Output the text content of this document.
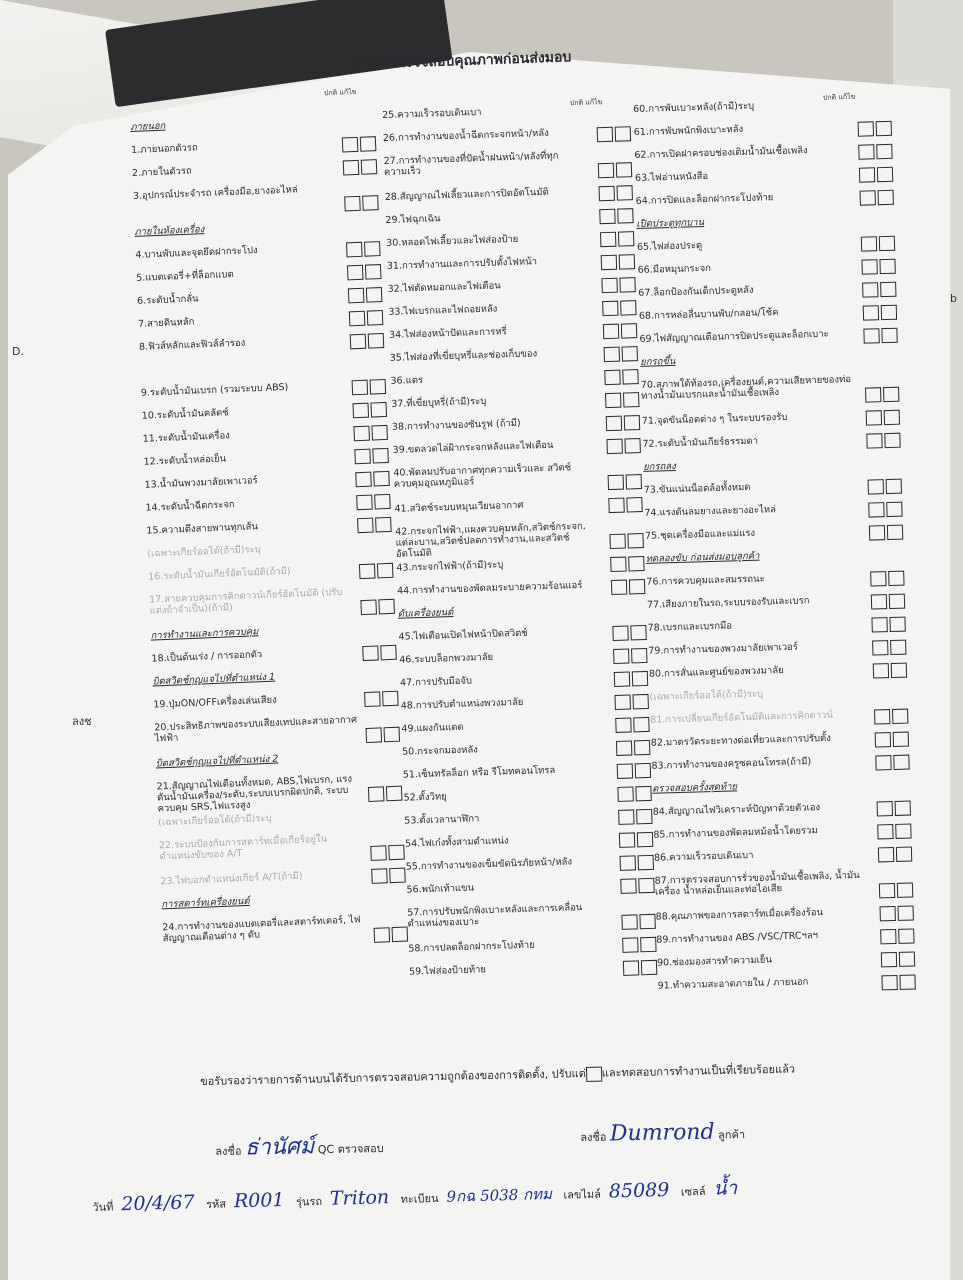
รายการตรวจสอบคุณภาพก่อนส่งมอบ
ปกติ แก้ไข
ภายนอก
1.ภายนอกตัวรถ
2.ภายในตัวรถ
3.อุปกรณ์ประจำรถ เครื่องมือ,ยางอะไหล่
ภายในห้องเครื่อง
4.บานพับและจุดยึดฝากระโปง
5.แบตเตอรี่+ที่ล็อกแบต
6.ระดับน้ำกลั่น
7.สายดินหลัก
8.ฟิวส์หลักและฟิวส์ลำรอง
9.ระดับน้ำมันเบรก (รวมระบบ ABS)
10.ระดับน้ำมันคลัตช์
11.ระดับน้ำมันเครื่อง
12.ระดับน้ำหล่อเย็น
13.น้ำมันพวงมาลัยเพาเวอร์
14.ระดับน้ำฉีดกระจก
15.ความตึงสายพานทุกเส้น
(เฉพาะเกียร์ออโต้(ถ้ามี)ระบุ
16.ระดับน้ำมันเกียร์อัตโนมัติ(ถ้ามี)
17.สายควบคุมการคิกดาวน์เกียร์อัตโนมัติ (ปรับแต่งถ้าจำเป็น)(ถ้ามี)
การทำงานและการควบคุม
18.เป็นต้นเร่ง / การออกตัว
บิดสวิตช์กุญแจไปที่ตำแหน่ง 1
19.ปุ่มON/OFFเครื่องเล่นเสียง
20.ประสิทธิภาพของระบบเสียงเทปและสายอากาศไฟฟ้า
บิดสวิตช์กุญแจไปที่ตำแหน่ง 2
21.สัญญาณไฟเตือนทั้งหมด, ABS,ไฟเบรก, แรงดันน้ำมันเครื่อง/ระดับ,ระบบเบรกผิดปกติ, ระบบควบคุม SRS,ไฟแรงสูง
(เฉพาะเกียร์ออโต้(ถ้ามี)ระบุ
22.ระบบป้องกันการสตาร์ทเมื่อเกียร์อยู่ใน ตำแหน่งขับของ A/T
23.ไฟบอกตำแหน่งเกียร์ A/T(ถ้ามี)
การสตาร์ทเครื่องยนต์
24.การทำงานของแบตเตอรี่และสตาร์ทเตอร์, ไฟสัญญาณเตือนต่าง ๆ ดับ
ปกติ แก้ไข
25.ความเร็วรอบเดินเบา
26.การทำงานของน้ำฉีดกระจกหน้า/หลัง
27.การทำงานของที่ปัดน้ำฝนหน้า/หลังที่ทุกความเร็ว
28.สัญญาณไฟเลี้ยวและการปิดอัตโนมัติ
29.ไฟฉุกเฉิน
30.หลอดไฟเลี้ยวและไฟส่องป้าย
31.การทำงานและการปรับตั้งไฟหน้า
32.ไฟตัดหมอกและไฟเตือน
33.ไฟเบรกและไฟถอยหลัง
34.ไฟส่องหน้าปัดและการหรี่
35.ไฟส่องที่เขี่ยบุหรี่และช่องเก็บของ
36.แตร
37.ที่เขี่ยบุหรี่(ถ้ามี)ระบุ
38.การทำงานของซันรูฟ (ถ้ามี)
39.ขดลวดไล่ฝ้ากระจกหลังและไฟเตือน
40.พัดลมปรับอากาศทุกความเร็วและ สวิตช์ควบคุมอุณหภูมิแอร์
41.สวิตช์ระบบหมุนเวียนอากาศ
42.กระจกไฟฟ้า,แผงควบคุมหลัก,สวิตช์กระจก, แต่ละบาน,สวิตช์ปลดการทำงาน,และสวิตช์อัตโนมัติ
43.กระจกไฟฟ้า(ถ้ามี)ระบุ
44.การทำงานของพัดลมระบายความร้อนแอร์
ดับเครื่องยนต์
45.ไฟเตือนเปิดไฟหน้าปิดสวิตช์
46.ระบบล็อกพวงมาลัย
47.การปรับมือจับ
48.การปรับตำแหน่งพวงมาลัย
49.แผงกันแดด
50.กระจกมองหลัง
51.เซ็นทรัลล็อก หรือ รีโมทคอนโทรล
52.ตั้งวิทยุ
53.ตั้งเวลานาฬิกา
54.ไฟเก๋งทั้งสามตำแหน่ง
55.การทำงานของเข็มขัดนิรภัยหน้า/หลัง
56.พนักเท้าแขน
57.การปรับพนักพิงเบาะหลังและการเคลื่อนตำแหน่งของเบาะ
58.การปลดล็อกฝากระโปงท้าย
59.ไฟส่องป้ายท้าย
ปกติ แก้ไข
60.การพับเบาะหลัง(ถ้ามี)ระบุ
61.การพับพนักพิงเบาะหลัง
62.การเปิดฝาครอบช่องเติมน้ำมันเชื้อเพลิง
63.ไฟอ่านหนังสือ
64.การปิดและล็อกฝากระโปงท้าย
เปิดประตูทุกบาน
65.ไฟส่องประตู
66.มือหมุนกระจก
67.ล็อกป้องกันเด็กประตูหลัง
68.การหล่อลื่นบานพับ/กลอน/โช้ค
69.ไฟสัญญาณเตือนการปิดประตูและล็อกเบาะ
ยกรถขึ้น
70.สภาพใต้ท้องรถ,เครื่องยนต์,ความเสียหายของท่อทางน้ำมันเบรกและน้ำมันเชื้อเพลิง
71.จุดขันน็อตต่าง ๆ ในระบบรองรับ
72.ระดับน้ำมันเกียร์ธรรมดา
ยกรถลง
73.ขันแน่นน็อตล้อทั้งหมด
74.แรงดันลมยางและยางอะไหล่
75.ชุดเครื่องมือและแม่แรง
ทดลองขับ ก่อนส่งมอบลูกค้า
76.การควบคุมและสมรรถนะ
77.เสียงภายในรถ,ระบบรองรับและเบรก
78.เบรกและเบรกมือ
79.การทำงานของพวงมาลัยเพาเวอร์
80.การสั่นและศูนย์ของพวงมาลัย
(เฉพาะเกียร์ออโต้(ถ้ามี)ระบุ
81.การเปลี่ยนเกียร์อัตโนมัติและการคิกดาวน์
82.มาตรวัดระยะทางต่อเที่ยวและการปรับตั้ง
83.การทำงานของครูซคอนโทรล(ถ้ามี)
ตรวจสอบครั้งสุดท้าย
84.สัญญาณไฟวิเคราะห์ปัญหาด้วยตัวเอง
85.การทำงานของพัดลมหม้อน้ำโดยรวม
86.ความเร็วรอบเดินเบา
87.การตรวจสอบการรั่วของน้ำมันเชื้อเพลิง, น้ำมันเครื่อง น้ำหล่อเย็นและท่อไอเสีย
88.คุณภาพของการสตาร์ทเมื่อเครื่องร้อน
89.การทำงานของ ABS /VSC/TRCฯลฯ
90.ช่องมองสารทำความเย็น
91.ทำความสะอาดภายใน / ภายนอก
ขอรับรองว่ารายการด้านบนได้รับการตรวจสอบความถูกต้องของการติดตั้ง, ปรับแต่ และทดสอบการทำงานเป็นที่เรียบร้อยแล้ว
ลงชื่อ ธ่านัศม์ QC ตรวจสอบ
ลงชื่อ Dumrond ลูกค้า
วันที่ 20/4/67 รหัส R001 รุ่นรถ Triton ทะเบียน 9กฉ 5038 กทม เลขไมล์ 85089 เซลล์ น้ำ
ลงช
b
D.
